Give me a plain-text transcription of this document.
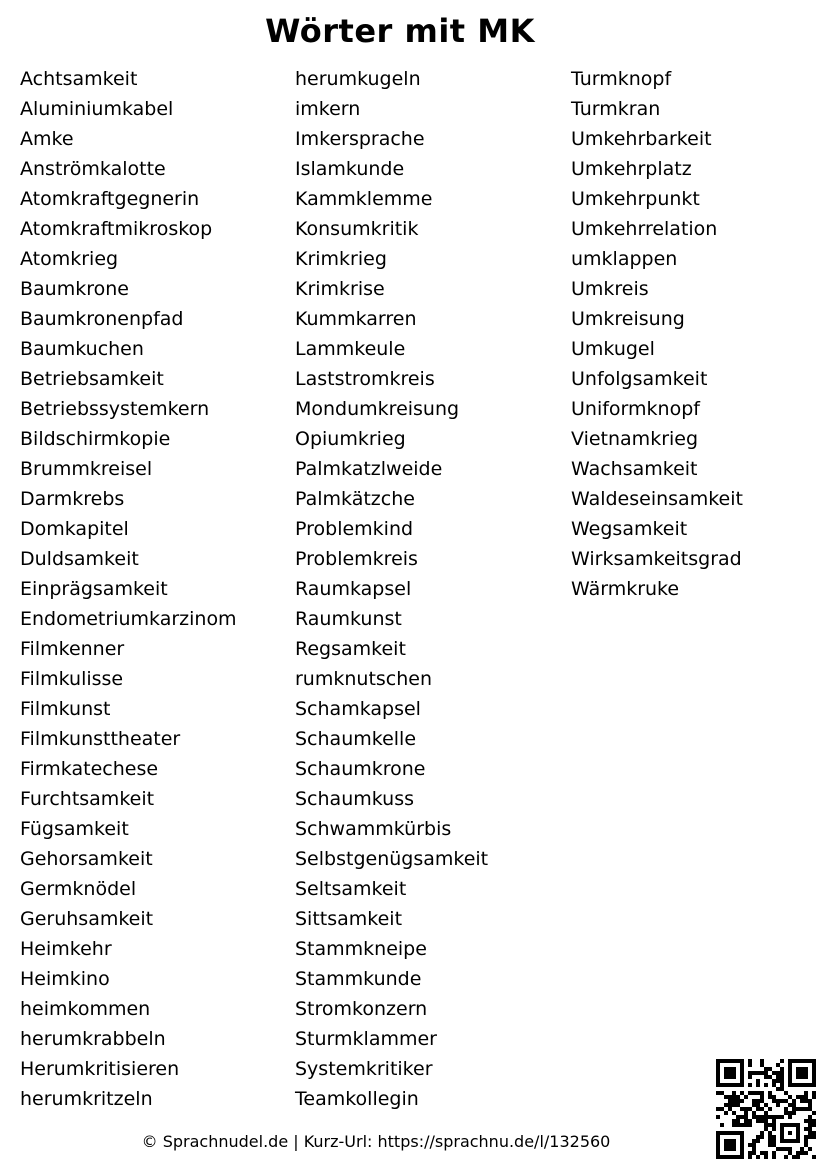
Wörter mit MK
Achtsamkeit
Aluminiumkabel
Amke
Anströmkalotte
Atomkraftgegnerin
Atomkraftmikroskop
Atomkrieg
Baumkrone
Baumkronenpfad
Baumkuchen
Betriebsamkeit
Betriebssystemkern
Bildschirmkopie
Brummkreisel
Darmkrebs
Domkapitel
Duldsamkeit
Einprägsamkeit
Endometriumkarzinom
Filmkenner
Filmkulisse
Filmkunst
Filmkunsttheater
Firmkatechese
Furchtsamkeit
Fügsamkeit
Gehorsamkeit
Germknödel
Geruhsamkeit
Heimkehr
Heimkino
heimkommen
herumkrabbeln
Herumkritisieren
herumkritzeln
herumkugeln
imkern
Imkersprache
Islamkunde
Kammklemme
Konsumkritik
Krimkrieg
Krimkrise
Kummkarren
Lammkeule
Laststromkreis
Mondumkreisung
Opiumkrieg
Palmkatzlweide
Palmkätzche
Problemkind
Problemkreis
Raumkapsel
Raumkunst
Regsamkeit
rumknutschen
Schamkapsel
Schaumkelle
Schaumkrone
Schaumkuss
Schwammkürbis
Selbstgenügsamkeit
Seltsamkeit
Sittsamkeit
Stammkneipe
Stammkunde
Stromkonzern
Sturmklammer
Systemkritiker
Teamkollegin
Turmknopf
Turmkran
Umkehrbarkeit
Umkehrplatz
Umkehrpunkt
Umkehrrelation
umklappen
Umkreis
Umkreisung
Umkugel
Unfolgsamkeit
Uniformknopf
Vietnamkrieg
Wachsamkeit
Waldeseinsamkeit
Wegsamkeit
Wirksamkeitsgrad
Wärmkruke
© Sprachnudel.de | Kurz-Url: https://sprachnu.de/l/132560
